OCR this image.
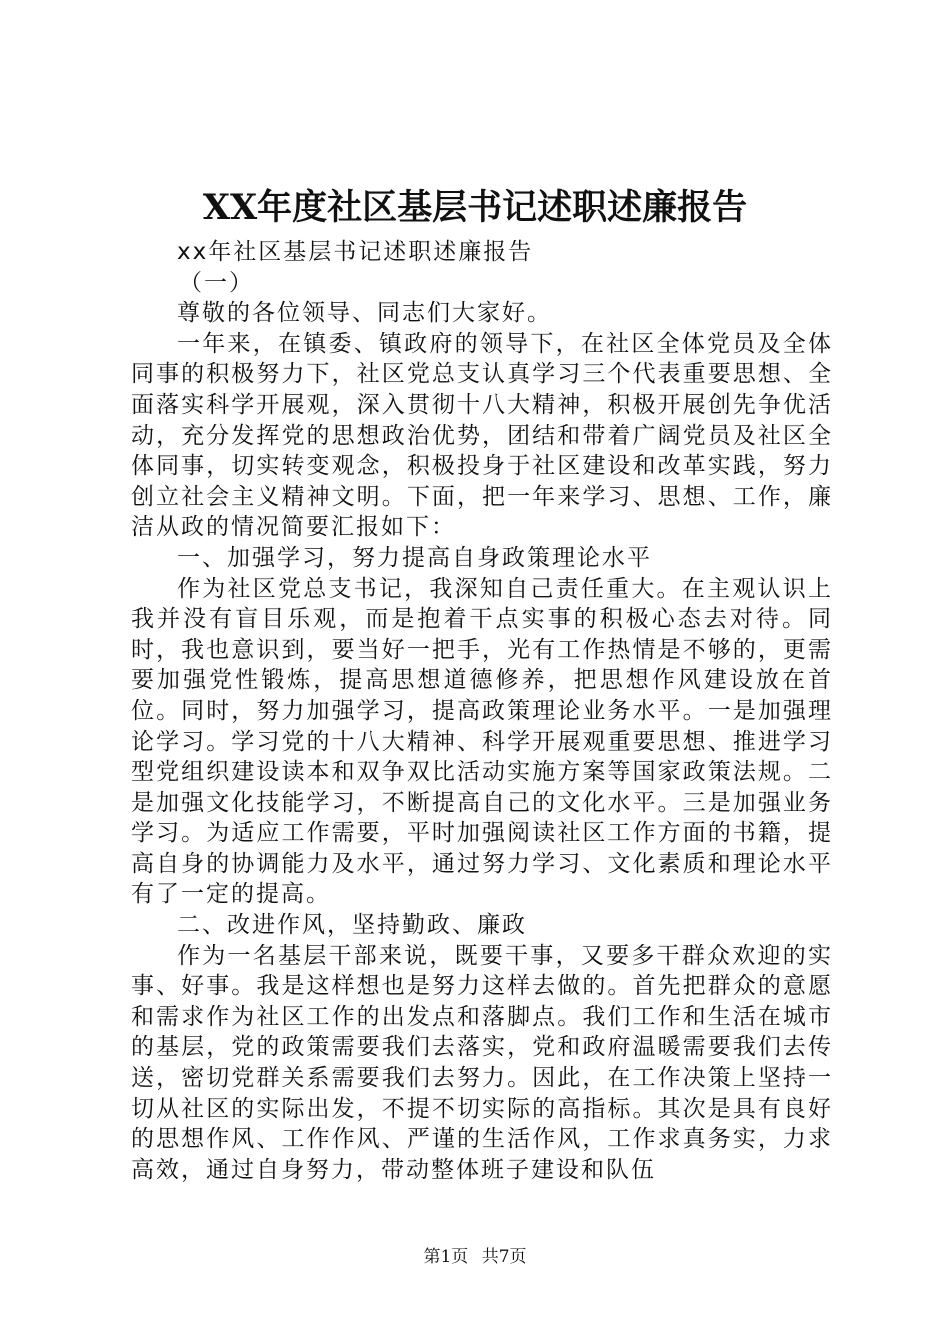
XX年度社区基层书记述职述廉报告

xx年社区基层书记述职述廉报告

（一）

尊敬的各位领导、同志们大家好。

一年来，在镇委、镇政府的领导下，在社区全体党员及全体同事的积极努力下，社区党总支认真学习三个代表重要思想、全面落实科学开展观，深入贯彻十八大精神，积极开展创先争优活动，充分发挥党的思想政治优势，团结和带着广阔党员及社区全体同事，切实转变观念，积极投身于社区建设和改革实践，努力创立社会主义精神文明。下面，把一年来学习、思想、工作，廉洁从政的情况简要汇报如下：

一、加强学习，努力提高自身政策理论水平

作为社区党总支书记，我深知自己责任重大。在主观认识上我并没有盲目乐观，而是抱着干点实事的积极心态去对待。同时，我也意识到，要当好一把手，光有工作热情是不够的，更需要加强党性锻炼，提高思想道德修养，把思想作风建设放在首位。同时，努力加强学习，提高政策理论业务水平。一是加强理论学习。学习党的十八大精神、科学开展观重要思想、推进学习型党组织建设读本和双争双比活动实施方案等国家政策法规。二是加强文化技能学习，不断提高自己的文化水平。三是加强业务学习。为适应工作需要，平时加强阅读社区工作方面的书籍，提高自身的协调能力及水平，通过努力学习、文化素质和理论水平有了一定的提高。

二、改进作风，坚持勤政、廉政

作为一名基层干部来说，既要干事，又要多干群众欢迎的实事、好事。我是这样想也是努力这样去做的。首先把群众的意愿和需求作为社区工作的出发点和落脚点。我们工作和生活在城市的基层，党的政策需要我们去落实，党和政府温暖需要我们去传送，密切党群关系需要我们去努力。因此，在工作决策上坚持一切从社区的实际出发，不提不切实际的高指标。其次是具有良好的思想作风、工作作风、严谨的生活作风，工作求真务实，力求高效，通过自身努力，带动整体班子建设和队伍

第1页 共7页
